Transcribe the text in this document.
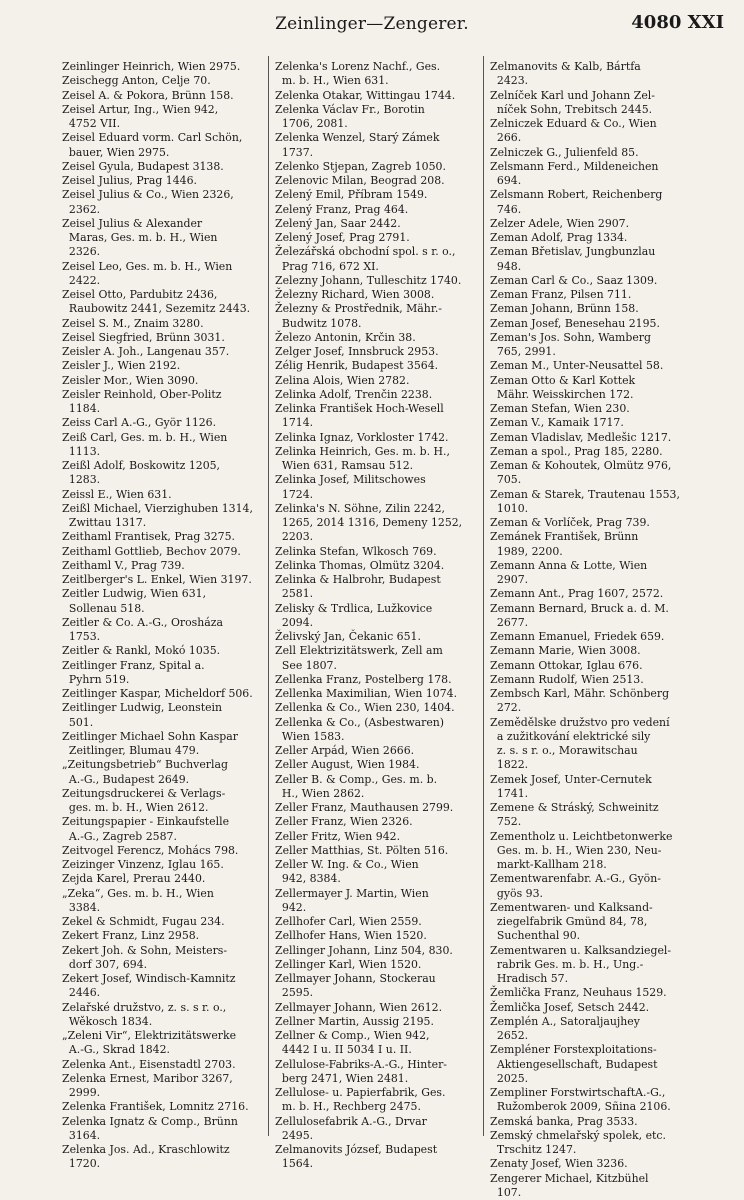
Zeinlinger—Zengerer.	4080 XXI
Zeinlinger Heinrich, Wien 2975.
Zeischegg Anton, Celje 70.
Zeisel A. & Pokora, Brünn 158.
Zeisel Artur, Ing., Wien 942,
4752 VII.
Zeisel Eduard vorm. Carl Schön,
bauer, Wien 2975.
Zeisel Gyula, Budapest 3138.
Zeisel Julius, Prag 1446.
Zeisel Julius & Co., Wien 2326,
2362.
Zeisel Julius & Alexander
Maras, Ges. m. b. H., Wien
2326.
Zeisel Leo, Ges. m. b. H., Wien
2422.
Zeisel Otto, Pardubitz 2436,
Raubowitz 2441, Sezemitz 2443.
Zeisel S. M., Znaim 3280.
Zeisel Siegfried, Brünn 3031.
Zeisler A. Joh., Langenau 357.
Zeisler J., Wien 2192.
Zeisler Mor., Wien 3090.
Zeisler Reinhold, Ober-Politz
1184.
Zeiss Carl A.-G., Györ 1126.
Zeiß Carl, Ges. m. b. H., Wien
1113.
Zeißl Adolf, Boskowitz 1205,
1283.
Zeissl E., Wien 631.
Zeißl Michael, Vierzighuben 1314,
Zwittau 1317.
Zeithaml Frantisek, Prag 3275.
Zeithaml Gottlieb, Bechov 2079.
Zeithaml V., Prag 739.
Zeitlberger's L. Enkel, Wien 3197.
Zeitler Ludwig, Wien 631,
Sollenau 518.
Zeitler & Co. A.-G., Orosháza
1753.
Zeitler & Rankl, Mokó 1035.
Zeitlinger Franz, Spital a.
Pyhrn 519.
Zeitlinger Kaspar, Micheldorf 506.
Zeitlinger Ludwig, Leonstein
501.
Zeitlinger Michael Sohn Kaspar
Zeitlinger, Blumau 479.
„Zeitungsbetrieb“ Buchverlag
A.-G., Budapest 2649.
Zeitungsdruckerei & Verlags-
ges. m. b. H., Wien 2612.
Zeitungspapier - Einkaufstelle
A.-G., Zagreb 2587.
Zeitvogel Ferencz, Mohács 798.
Zeizinger Vinzenz, Iglau 165.
Zejda Karel, Prerau 2440.
„Zeka“, Ges. m. b. H., Wien
3384.
Zekel & Schmidt, Fugau 234.
Zekert Franz, Linz 2958.
Zekert Joh. & Sohn, Meisters-
dorf 307, 694.
Zekert Josef, Windisch-Kamnitz
2446.
Zelařské družstvo, z. s. s r. o.,
Wěkosch 1834.
„Zeleni Vir“, Elektrizitätswerke
A.-G., Skrad 1842.
Zelenka Ant., Eisenstadtl 2703.
Zelenka Ernest, Maribor 3267,
2999.
Zelenka František, Lomnitz 2716.
Zelenka Ignatz & Comp., Brünn
3164.
Zelenka Jos. Ad., Kraschlowitz
1720.
Zelenka's Lorenz Nachf., Ges.
m. b. H., Wien 631.
Zelenka Otakar, Wittingau 1744.
Zelenka Václav Fr., Borotin
1706, 2081.
Zelenka Wenzel, Starý Zámek
1737.
Zelenko Stjepan, Zagreb 1050.
Zelenovic Milan, Beograd 208.
Zelený Emil, Příbram 1549.
Zelený Franz, Prag 464.
Zelený Jan, Saar 2442.
Zelený Josef, Prag 2791.
Železářská obchodní spol. s r. o.,
Prag 716, 672 XI.
Zelezny Johann, Tulleschitz 1740.
Železny Richard, Wien 3008.
Železny & Prostřednik, Mähr.-
Budwitz 1078.
Železo Antonin, Krčin 38.
Zelger Josef, Innsbruck 2953.
Zélig Henrik, Budapest 3564.
Zelina Alois, Wien 2782.
Zelinka Adolf, Trenčin 2238.
Zelinka František Hoch-Wesell
1714.
Zelinka Ignaz, Vorkloster 1742.
Zelinka Heinrich, Ges. m. b. H.,
Wien 631, Ramsau 512.
Zelinka Josef, Militschowes
1724.
Zelinka's N. Söhne, Zilin 2242,
1265, 2014 1316, Demeny 1252,
2203.
Zelinka Stefan, Wlkosch 769.
Zelinka Thomas, Olmütz 3204.
Zelinka & Halbrohr, Budapest
2581.
Zelisky & Trdlica, Lužkovice
2094.
Želivský Jan, Čekanic 651.
Zell Elektrizitätswerk, Zell am
See 1807.
Zellenka Franz, Postelberg 178.
Zellenka Maximilian, Wien 1074.
Zellenka & Co., Wien 230, 1404.
Zellenka & Co., (Asbestwaren)
Wien 1583.
Zeller Arpád, Wien 2666.
Zeller August, Wien 1984.
Zeller B. & Comp., Ges. m. b.
H., Wien 2862.
Zeller Franz, Mauthausen 2799.
Zeller Franz, Wien 2326.
Zeller Fritz, Wien 942.
Zeller Matthias, St. Pölten 516.
Zeller W. Ing. & Co., Wien
942, 8384.
Zellermayer J. Martin, Wien
942.
Zellhofer Carl, Wien 2559.
Zellhofer Hans, Wien 1520.
Zellinger Johann, Linz 504, 830.
Zellinger Karl, Wien 1520.
Zellmayer Johann, Stockerau
2595.
Zellmayer Johann, Wien 2612.
Zellner Martin, Aussig 2195.
Zellner & Comp., Wien 942,
4442 I u. II 5034 I u. II.
Zellulose-Fabriks-A.-G., Hinter-
berg 2471, Wien 2481.
Zellulose- u. Papierfabrik, Ges.
m. b. H., Rechberg 2475.
Zellulosefabrik A.-G., Drvar
2495.
Zelmanovits József, Budapest
1564.
Zelmanovits & Kalb, Bártfa
2423.
Zelníček Karl und Johann Zel-
níček Sohn, Trebitsch 2445.
Zelniczek Eduard & Co., Wien
266.
Zelniczek G., Julienfeld 85.
Zelsmann Ferd., Mildeneichen
694.
Zelsmann Robert, Reichenberg
746.
Zelzer Adele, Wien 2907.
Zeman Adolf, Prag 1334.
Zeman Břetislav, Jungbunzlau
948.
Zeman Carl & Co., Saaz 1309.
Zeman Franz, Pilsen 711.
Zeman Johann, Brünn 158.
Zeman Josef, Benesehau 2195.
Zeman's Jos. Sohn, Wamberg
765, 2991.
Zeman M., Unter-Neusattel 58.
Zeman Otto & Karl Kottek
Mähr. Weisskirchen 172.
Zeman Stefan, Wien 230.
Zeman V., Kamaik 1717.
Zeman Vladislav, Medlešic 1217.
Zeman a spol., Prag 185, 2280.
Zeman & Kohoutek, Olmütz 976,
705.
Zeman & Starek, Trautenau 1553,
1010.
Zeman & Vorlíček, Prag 739.
Zemánek František, Brünn
1989, 2200.
Zemann Anna & Lotte, Wien
2907.
Zemann Ant., Prag 1607, 2572.
Zemann Bernard, Bruck a. d. M.
2677.
Zemann Emanuel, Friedek 659.
Zemann Marie, Wien 3008.
Zemann Ottokar, Iglau 676.
Zemann Rudolf, Wien 2513.
Zembsch Karl, Mähr. Schönberg
272.
Zemědělske družstvo pro vedení
a zužitkování elektrické sily
z. s. s r. o., Morawitschau
1822.
Zemek Josef, Unter-Cernutek
1741.
Zemene & Stráský, Schweinitz
752.
Zementholz u. Leichtbetonwerke
Ges. m. b. H., Wien 230, Neu-
markt-Kallham 218.
Zementwarenfabr. A.-G., Gyön-
gyös 93.
Zementwaren- und Kalksand-
ziegelfabrik Gmünd 84, 78,
Suchenthal 90.
Zementwaren u. Kalksandziegel-
rabrik Ges. m. b. H., Ung.-
Hradisch 57.
Žemlička Franz, Neuhaus 1529.
Žemlička Josef, Setsch 2442.
Zemplén A., Satoraljaujhey
2652.
Zempléner Forstexploitations-
Aktiengesellschaft, Budapest
2025.
Zempliner ForstwirtschaftA.-G.,
Ružomberok 2009, Sñina 2106.
Zemská banka, Prag 3533.
Zemský chmelařský spolek, etc.
Trschitz 1247.
Zenaty Josef, Wien 3236.
Zengerer Michael, Kitzbühel
107.
